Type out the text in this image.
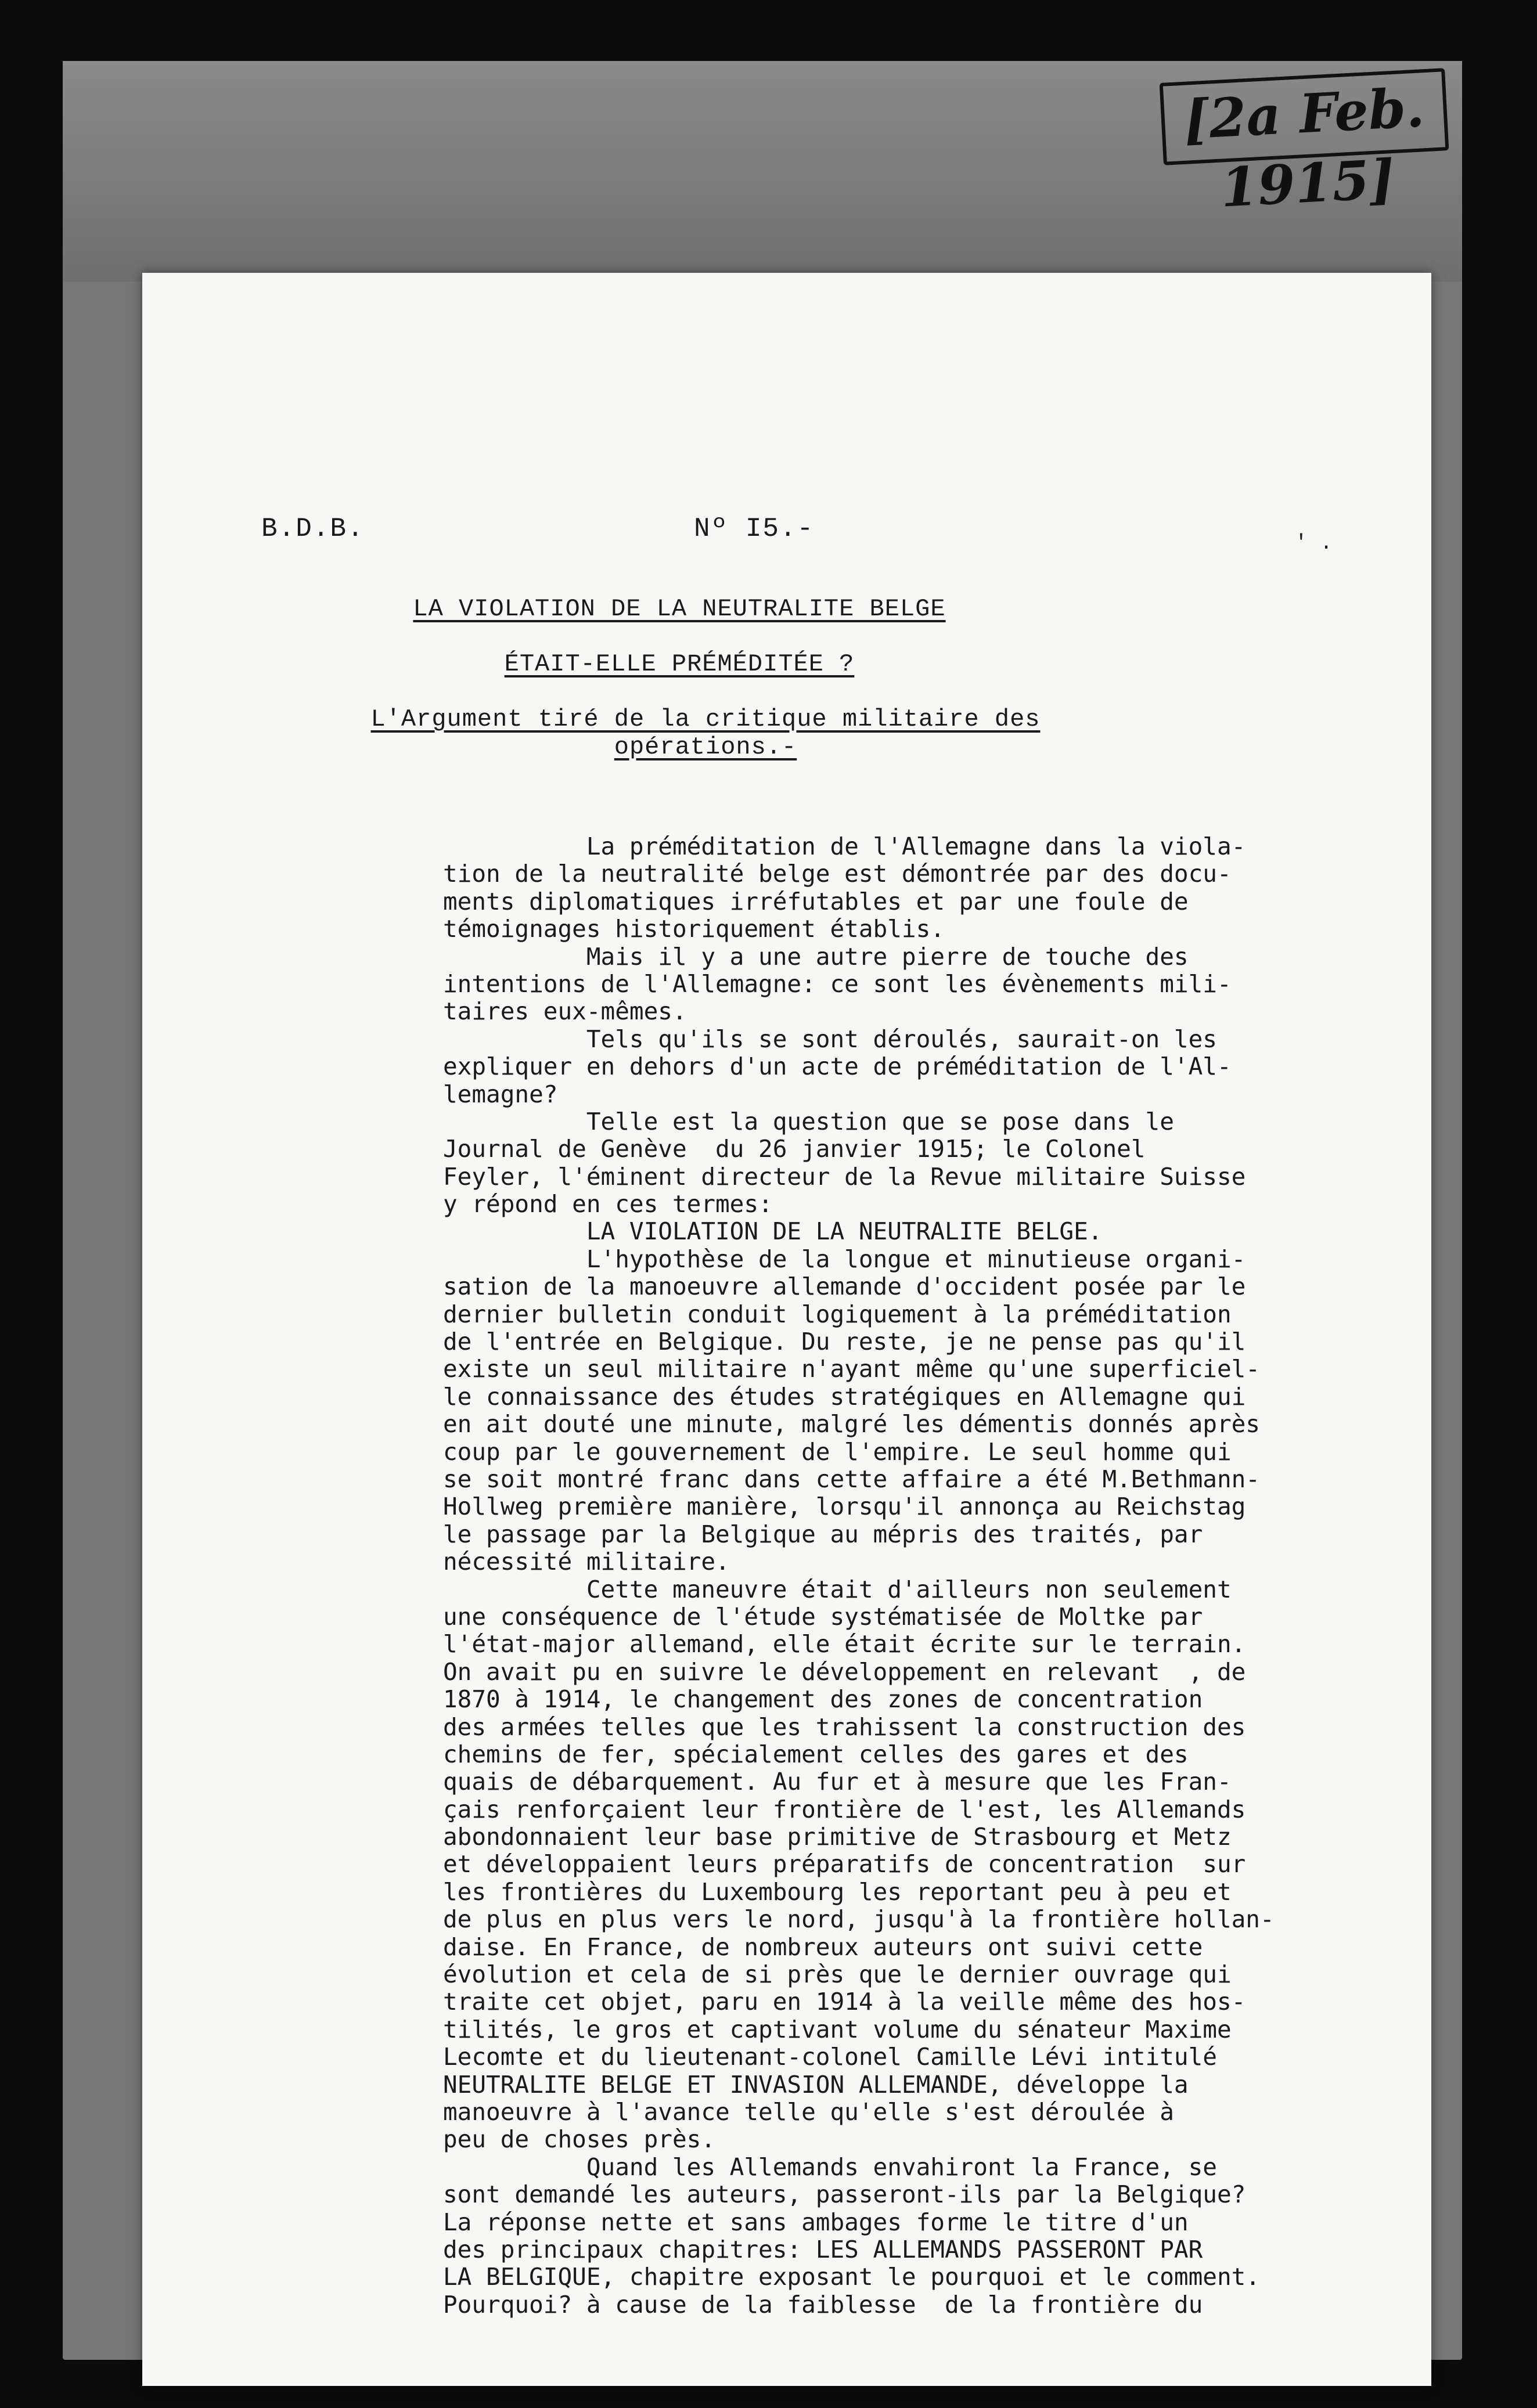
[2a Feb. 1915]
B.D.B.	Nº I5.-	' .
LA VIOLATION DE LA NEUTRALITE BELGE
ÉTAIT-ELLE PRÉMÉDITÉE ?
L'Argument tiré de la critique militaire des opérations.-
La préméditation de l'Allemagne dans la viola-
tion de la neutralité belge est démontrée par des docu-
ments diplomatiques irréfutables et par une foule de
témoignages historiquement établis.
Mais il y a une autre pierre de touche des
intentions de l'Allemagne: ce sont les évènements mili-
taires eux-mêmes.
Tels qu'ils se sont déroulés, saurait-on les
expliquer en dehors d'un acte de préméditation de l'Al-
lemagne?
Telle est la question que se pose dans le
Journal de Genève  du 26 janvier 1915; le Colonel
Feyler, l'éminent directeur de la Revue militaire Suisse
y répond en ces termes:
LA VIOLATION DE LA NEUTRALITE BELGE.
L'hypothèse de la longue et minutieuse organi-
sation de la manoeuvre allemande d'occident posée par le
dernier bulletin conduit logiquement à la préméditation
de l'entrée en Belgique. Du reste, je ne pense pas qu'il
existe un seul militaire n'ayant même qu'une superficiel-
le connaissance des études stratégiques en Allemagne qui
en ait douté une minute, malgré les démentis donnés après
coup par le gouvernement de l'empire. Le seul homme qui
se soit montré franc dans cette affaire a été M.Bethmann-
Hollweg première manière, lorsqu'il annonça au Reichstag
le passage par la Belgique au mépris des traités, par
nécessité militaire.
Cette maneuvre était d'ailleurs non seulement
une conséquence de l'étude systématisée de Moltke par
l'état-major allemand, elle était écrite sur le terrain.
On avait pu en suivre le développement en relevant  , de
1870 à 1914, le changement des zones de concentration
des armées telles que les trahissent la construction des
chemins de fer, spécialement celles des gares et des
quais de débarquement. Au fur et à mesure que les Fran-
çais renforçaient leur frontière de l'est, les Allemands
abondonnaient leur base primitive de Strasbourg et Metz
et développaient leurs préparatifs de concentration  sur
les frontières du Luxembourg les reportant peu à peu et
de plus en plus vers le nord, jusqu'à la frontière hollan-
daise. En France, de nombreux auteurs ont suivi cette
évolution et cela de si près que le dernier ouvrage qui
traite cet objet, paru en 1914 à la veille même des hos-
tilités, le gros et captivant volume du sénateur Maxime
Lecomte et du lieutenant-colonel Camille Lévi intitulé
NEUTRALITE BELGE ET INVASION ALLEMANDE, développe la
manoeuvre à l'avance telle qu'elle s'est déroulée à
peu de choses près.
Quand les Allemands envahiront la France, se
sont demandé les auteurs, passeront-ils par la Belgique?
La réponse nette et sans ambages forme le titre d'un
des principaux chapitres: LES ALLEMANDS PASSERONT PAR
LA BELGIQUE, chapitre exposant le pourquoi et le comment.
Pourquoi? à cause de la faiblesse  de la frontière du
